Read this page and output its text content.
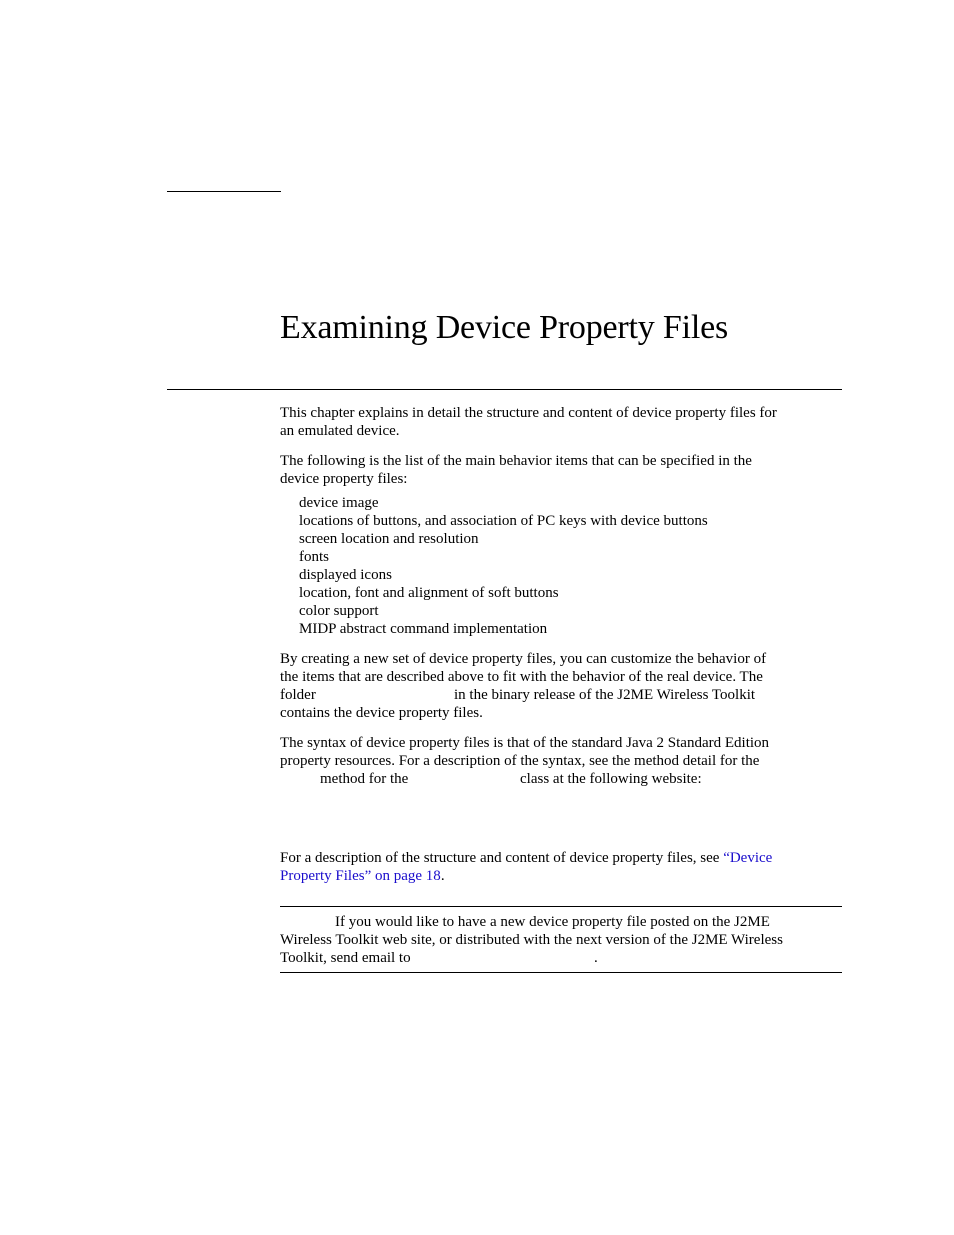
Examining Device Property Files
This chapter explains in detail the structure and content of device property files for
an emulated device.
The following is the list of the main behavior items that can be specified in the
device property files:
device image
locations of buttons, and association of PC keys with device buttons
screen location and resolution
fonts
displayed icons
location, font and alignment of soft buttons
color support
MIDP abstract command implementation
By creating a new set of device property files, you can customize the behavior of
the items that are described above to fit with the behavior of the real device. The
folder	in the binary release of the J2ME Wireless Toolkit
contains the device property files.
The syntax of device property files is that of the standard Java 2 Standard Edition
property resources. For a description of the syntax, see the method detail for the
method for the	class at the following website:
For a description of the structure and content of device property files, see “Device
Property Files” on page 18.
If you would like to have a new device property file posted on the J2ME
Wireless Toolkit web site, or distributed with the next version of the J2ME Wireless
Toolkit, send email to	.
